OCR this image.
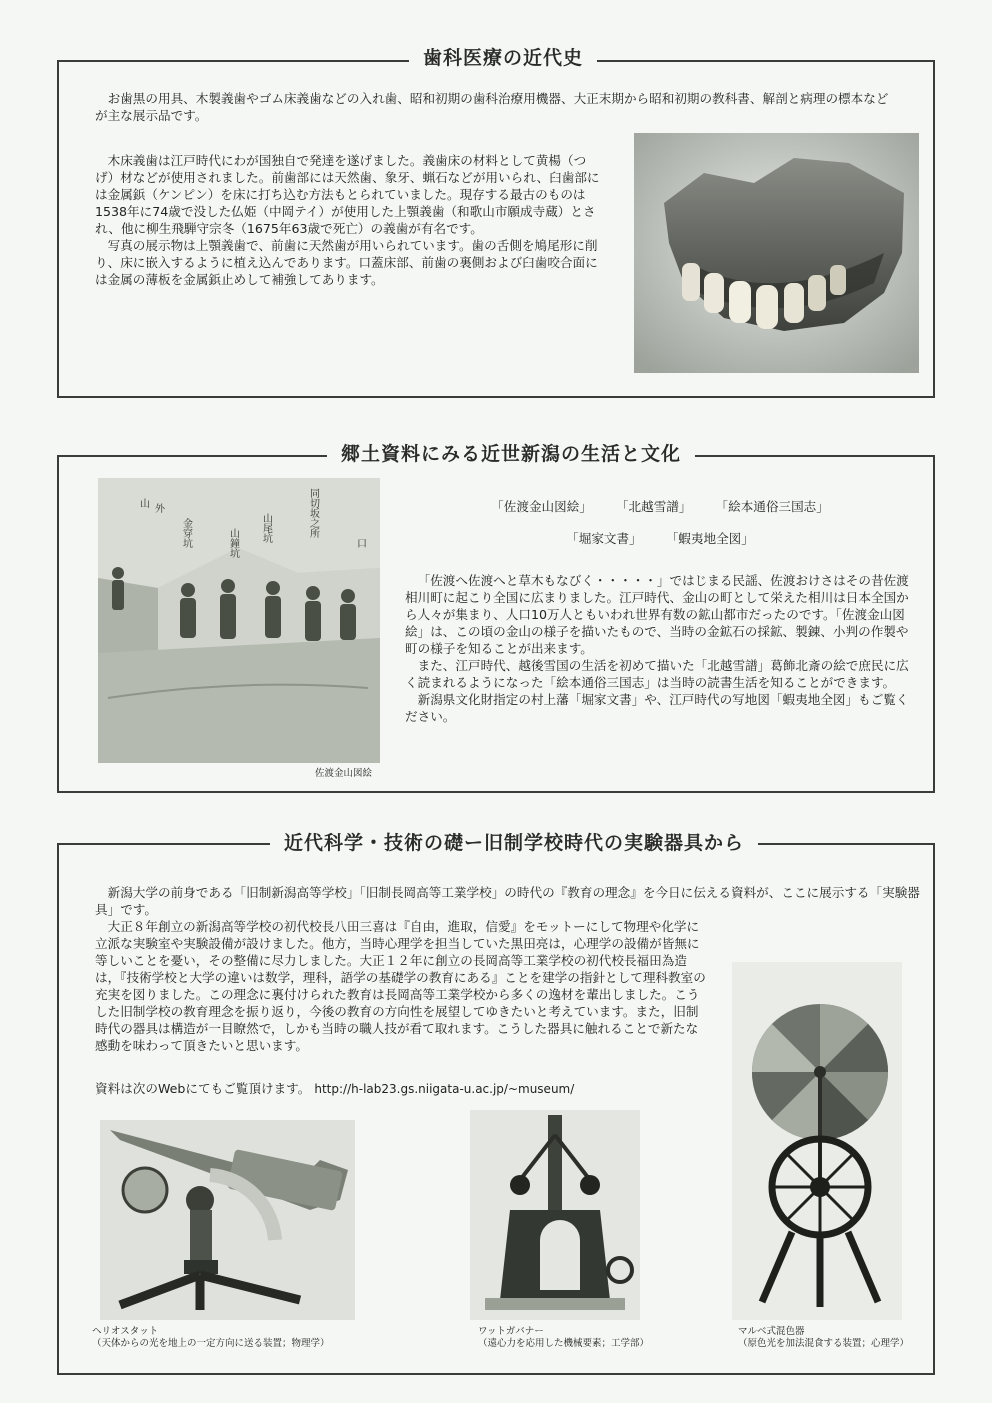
歯科医療の近代史

お歯黒の用具、木製義歯やゴム床義歯などの入れ歯、昭和初期の歯科治療用機器、大正末期から昭和初期の教科書、解剖と病理の標本などが主な展示品です。

木床義歯は江戸時代にわが国独自で発達を遂げました。義歯床の材料として黄楊（つげ）材などが使用されました。前歯部には天然歯、象牙、蝋石などが用いられ、臼歯部には金属鋲（ケンピン）を床に打ち込む方法もとられていました。現存する最古のものは1538年に74歳で没した仏姫（中岡テイ）が使用した上顎義歯（和歌山市願成寺蔵）とされ、他に柳生飛騨守宗冬（1675年63歳で死亡）の義歯が有名です。

写真の展示物は上顎義歯で、前歯に天然歯が用いられています。歯の舌側を鳩尾形に削り、床に嵌入するように植え込んであります。口蓋床部、前歯の裏側および臼歯咬合面には金属の薄板を金属鋲止めして補強してあります。

郷土資料にみる近世新潟の生活と文化
金穿坑	山鐘坑 山尾坑	同切坂之所
山 外
口
佐渡金山図絵
「佐渡金山図絵」 「北越雪譜」 「絵本通俗三国志」
「堀家文書」 「蝦夷地全図」

「佐渡へ佐渡へと草木もなびく・・・・・」ではじまる民謡、佐渡おけさはその昔佐渡相川町に起こり全国に広まりました。江戸時代、金山の町として栄えた相川は日本全国から人々が集まり、人口10万人ともいわれ世界有数の鉱山都市だったのです。「佐渡金山図絵」は、この頃の金山の様子を描いたもので、当時の金鉱石の採鉱、製錬、小判の作製や町の様子を知ることが出来ます。

また、江戸時代、越後雪国の生活を初めて描いた「北越雪譜」葛飾北斎の絵で庶民に広く読まれるようになった「絵本通俗三国志」は当時の読書生活を知ることができます。

新潟県文化財指定の村上藩「堀家文書」や、江戸時代の写地図「蝦夷地全図」もご覧ください。

近代科学・技術の礎ー旧制学校時代の実験器具から

新潟大学の前身である「旧制新潟高等学校」「旧制長岡高等工業学校」の時代の『教育の理念』を今日に伝える資料が、ここに展示する「実験器具」です。

大正８年創立の新潟高等学校の初代校長八田三喜は『自由，進取，信愛』をモットーにして物理や化学に立派な実験室や実験設備が設けました。他方，当時心理学を担当していた黒田亮は，心理学の設備が皆無に等しいことを憂い，その整備に尽力しました。大正１２年に創立の長岡高等工業学校の初代校長福田為造は，『技術学校と大学の違いは数学，理科，語学の基礎学の教育にある』ことを建学の指針として理科教室の充実を図りました。この理念に裏付けられた教育は長岡高等工業学校から多くの逸材を輩出しました。こうした旧制学校の教育理念を振り返り，今後の教育の方向性を展望してゆきたいと考えています。また，旧制時代の器具は構造が一目瞭然で，しかも当時の職人技が看て取れます。こうした器具に触れることで新たな感動を味わって頂きたいと思います。

資料は次のWebにてもご覧頂けます。 http://h-lab23.gs.niigata-u.ac.jp/~museum/
ヘリオスタット
（天体からの光を地上の一定方向に送る装置；物理学）
ワットガバナー
（遠心力を応用した機械要素；工学部）
マルベ式混色器
（原色光を加法混食する装置；心理学）
